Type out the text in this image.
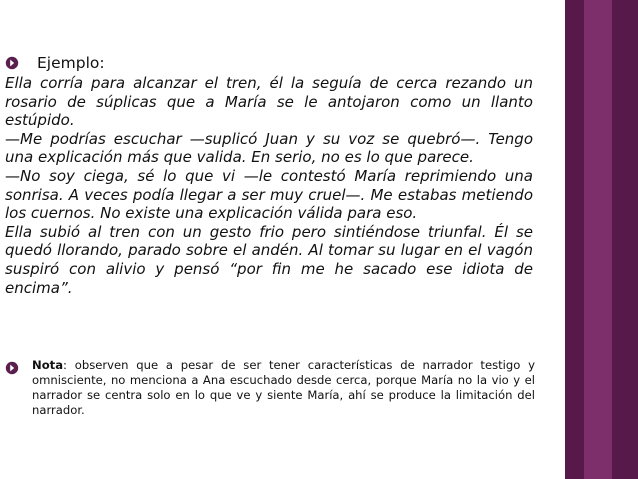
Ejemplo:

Ella corría para alcanzar el tren, él la seguía de cerca rezando un rosario de súplicas que a María se le antojaron como un llanto estúpido.

—Me podrías escuchar —suplicó Juan y su voz se quebró—. Tengo una explicación más que valida. En serio, no es lo que parece.

—No soy ciega, sé lo que vi —le contestó María reprimiendo una sonrisa. A veces podía llegar a ser muy cruel—. Me estabas metiendo los cuernos. No existe una explicación válida para eso.

Ella subió al tren con un gesto frio pero sintiéndose triunfal. Él se quedó llorando, parado sobre el andén. Al tomar su lugar en el vagón suspiró con alivio y pensó “por fin me he sacado ese idiota de encima”.

Nota: observen que a pesar de ser tener características de narrador testigo y omnisciente, no menciona a Ana escuchado desde cerca, porque María no la vio y el narrador se centra solo en lo que ve y siente María, ahí se produce la limitación del narrador.
